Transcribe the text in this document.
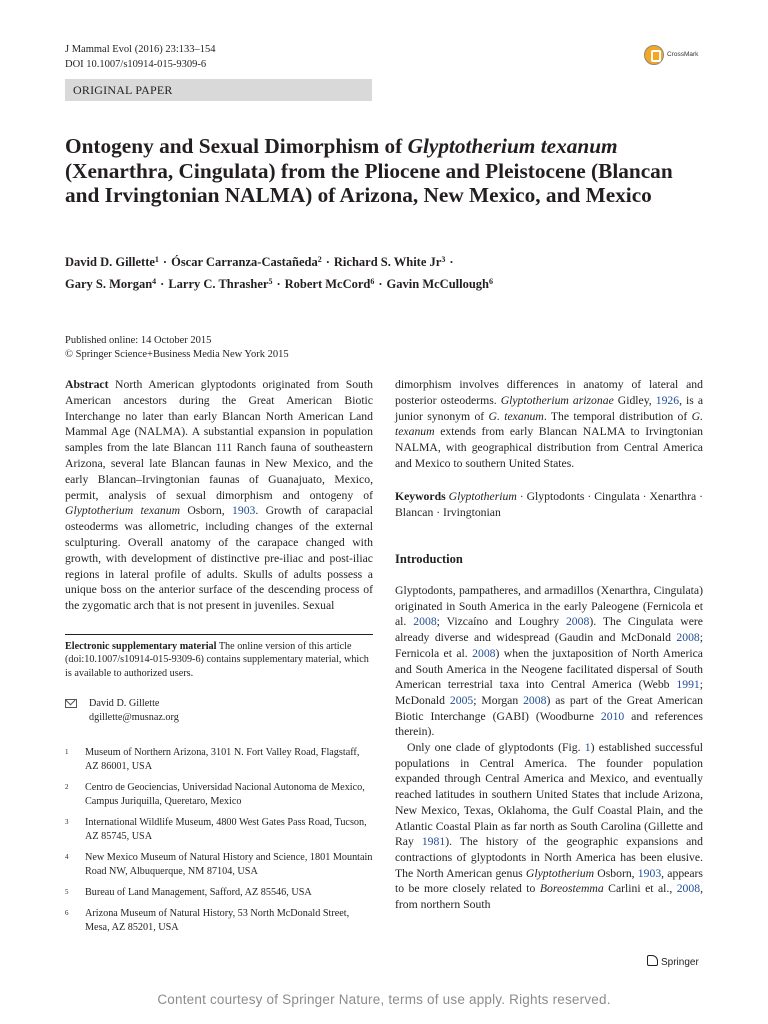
J Mammal Evol (2016) 23:133–154
DOI 10.1007/s10914-015-9309-6
CrossMark
ORIGINAL PAPER
Ontogeny and Sexual Dimorphism of Glyptotherium texanum (Xenarthra, Cingulata) from the Pliocene and Pleistocene (Blancan and Irvingtonian NALMA) of Arizona, New Mexico, and Mexico
David D. Gillette$^1$ · Óscar Carranza-Castañeda$^2$ · Richard S. White $Jr^3$ ·
Gary S. Morgan$^4$ · Larry C. Thrasher$^5$ · Robert McCord$^6$ · Gavin McCullough$^6$
Published online: 14 October 2015
© Springer Science+Business Media New York 2015

Abstract North American glyptodonts originated from South American ancestors during the Great American Biotic Interchange no later than early Blancan North American Land Mammal Age (NALMA). A substantial expansion in population samples from the late Blancan 111 Ranch fauna of southeastern Arizona, several late Blancan faunas in New Mexico, and the early Blancan–Irvingtonian faunas of Guanajuato, Mexico, permit, analysis of sexual dimorphism and ontogeny of Glyptotherium texanum Osborn, 1903. Growth of carapacial osteoderms was allometric, including changes of the external sculpturing. Overall anatomy of the carapace changed with growth, with development of distinctive pre-iliac and post-iliac regions in lateral profile of adults. Skulls of adults possess a unique boss on the anterior surface of the descending process of the zygomatic arch that is not present in juveniles. Sexual

dimorphism involves differences in anatomy of lateral and posterior osteoderms. Glyptotherium arizonae Gidley, 1926, is a junior synonym of G. texanum. The temporal distribution of G. texanum extends from early Blancan NALMA to Irvingtonian NALMA, with geographical distribution from Central America and Mexico to southern United States.

Keywords Glyptotherium · Glyptodonts · Cingulata · Xenarthra · Blancan · Irvingtonian

Electronic supplementary material The online version of this article (doi:10.1007/s10914-015-9309-6) contains supplementary material, which is available to authorized users.
David D. Gillette
dgillette@musnaz.org
1 Museum of Northern Arizona, 3101 N. Fort Valley Road, Flagstaff, AZ 86001, USA
2 Centro de Geociencias, Universidad Nacional Autonoma de Mexico, Campus Juriquilla, Queretaro, Mexico
3 International Wildlife Museum, 4800 West Gates Pass Road, Tucson, AZ 85745, USA
4 New Mexico Museum of Natural History and Science, 1801 Mountain Road NW, Albuquerque, NM 87104, USA
5 Bureau of Land Management, Safford, AZ 85546, USA
6 Arizona Museum of Natural History, 53 North McDonald Street, Mesa, AZ 85201, USA
Introduction

Glyptodonts, pampatheres, and armadillos (Xenarthra, Cingulata) originated in South America in the early Paleogene (Fernicola et al. 2008; Vizcaíno and Loughry 2008). The Cingulata were already diverse and widespread (Gaudin and McDonald 2008; Fernicola et al. 2008) when the juxtaposition of North America and South America in the Neogene facilitated dispersal of South American terrestrial taxa into Central America (Webb 1991; McDonald 2005; Morgan 2008) as part of the Great American Biotic Interchange (GABI) (Woodburne 2010 and references therein).

Only one clade of glyptodonts (Fig. 1) established successful populations in Central America. The founder population expanded through Central America and Mexico, and eventually reached latitudes in southern United States that include Arizona, New Mexico, Texas, Oklahoma, the Gulf Coastal Plain, and the Atlantic Coastal Plain as far north as South Carolina (Gillette and Ray 1981). The history of the geographic expansions and contractions of glyptodonts in North America has been elusive. The North American genus Glyptotherium Osborn, 1903, appears to be more closely related to Boreostemma Carlini et al., 2008, from northern South

Springer
Content courtesy of Springer Nature, terms of use apply. Rights reserved.
